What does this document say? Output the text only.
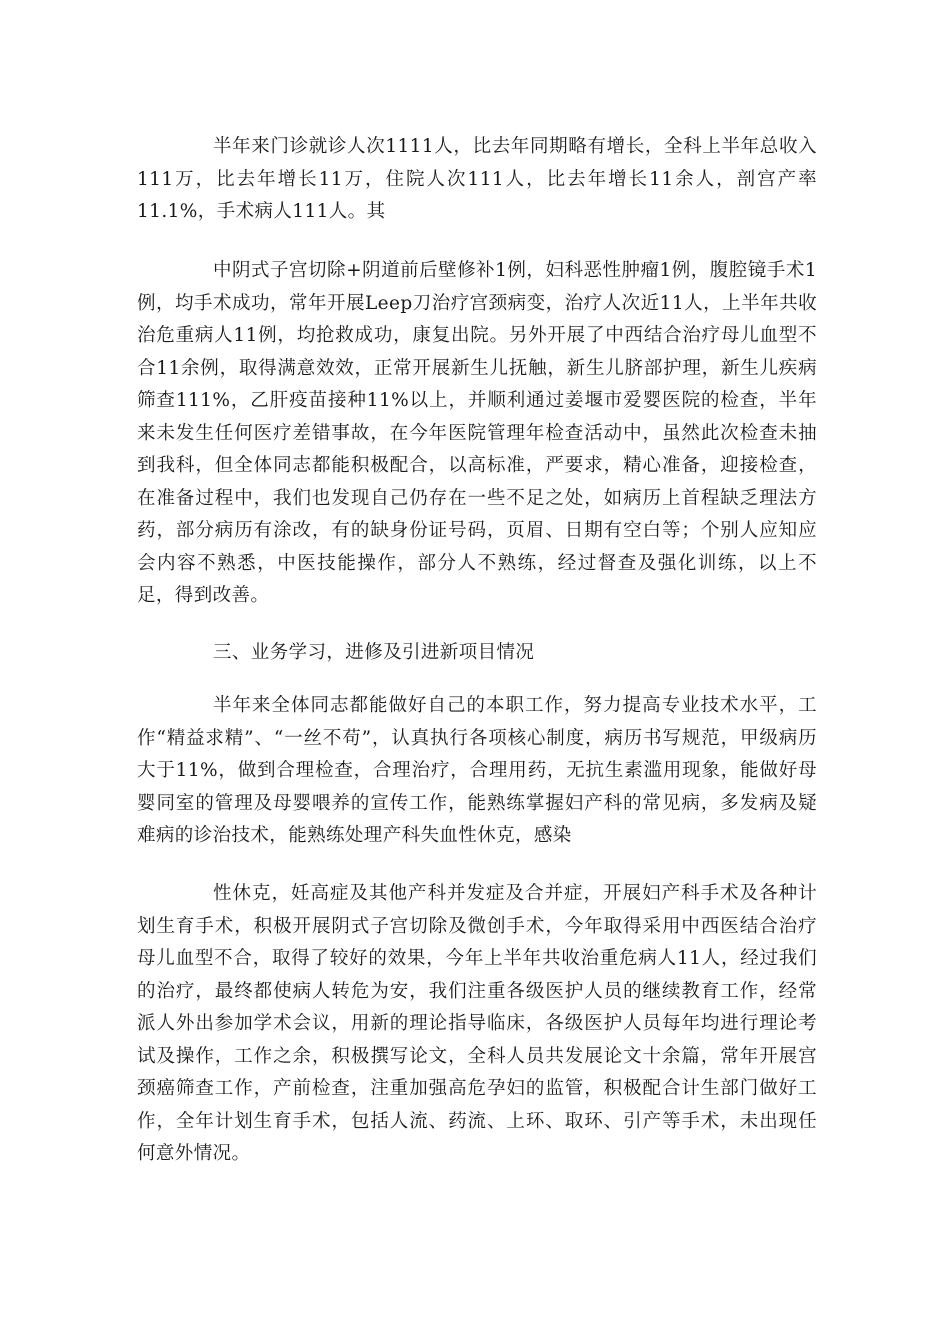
半年来门诊就诊人次1111人，比去年同期略有增长，全科上半年总收入111万，比去年增长11万，住院人次111人，比去年增长11余人，剖宫产率11.1%，手术病人111人。其

中阴式子宫切除+阴道前后壁修补1例，妇科恶性肿瘤1例，腹腔镜手术1例，均手术成功，常年开展Leep刀治疗宫颈病变，治疗人次近11人，上半年共收治危重病人11例，均抢救成功，康复出院。另外开展了中西结合治疗母儿血型不合11余例，取得满意效效，正常开展新生儿抚触，新生儿脐部护理，新生儿疾病筛查111%，乙肝疫苗接种11%以上，并顺利通过姜堰市爱婴医院的检查，半年来未发生任何医疗差错事故，在今年医院管理年检查活动中，虽然此次检查未抽到我科，但全体同志都能积极配合，以高标准，严要求，精心准备，迎接检查，在准备过程中，我们也发现自己仍存在一些不足之处，如病历上首程缺乏理法方药，部分病历有涂改，有的缺身份证号码，页眉、日期有空白等；个别人应知应会内容不熟悉，中医技能操作，部分人不熟练，经过督查及强化训练，以上不足，得到改善。

三、业务学习，进修及引进新项目情况

半年来全体同志都能做好自己的本职工作，努力提高专业技术水平，工作“精益求精”、“一丝不苟”，认真执行各项核心制度，病历书写规范，甲级病历大于11%，做到合理检查，合理治疗，合理用药，无抗生素滥用现象，能做好母婴同室的管理及母婴喂养的宣传工作，能熟练掌握妇产科的常见病，多发病及疑难病的诊治技术，能熟练处理产科失血性休克，感染

性休克，妊高症及其他产科并发症及合并症，开展妇产科手术及各种计划生育手术，积极开展阴式子宫切除及微创手术，今年取得采用中西医结合治疗母儿血型不合，取得了较好的效果，今年上半年共收治重危病人11人，经过我们的治疗，最终都使病人转危为安，我们注重各级医护人员的继续教育工作，经常派人外出参加学术会议，用新的理论指导临床，各级医护人员每年均进行理论考试及操作，工作之余，积极撰写论文，全科人员共发展论文十余篇，常年开展宫颈癌筛查工作，产前检查，注重加强高危孕妇的监管，积极配合计生部门做好工作，全年计划生育手术，包括人流、药流、上环、取环、引产等手术，未出现任何意外情况。
